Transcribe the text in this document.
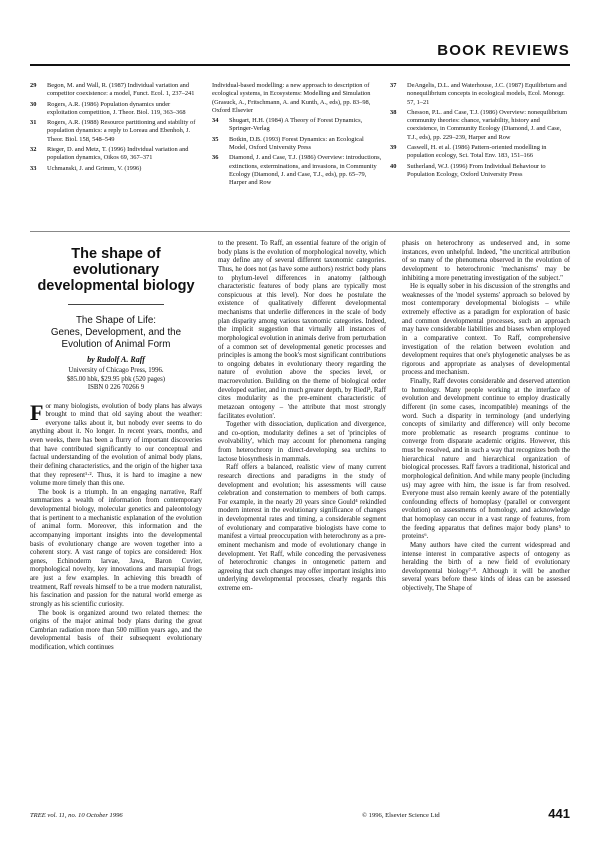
BOOK REVIEWS
29 Begon, M. and Wall, R. (1987) Individual variation and competitor coexistence: a model, Funct. Ecol. 1, 237–241
30 Rogers, A.R. (1986) Population dynamics under exploitation competition, J. Theor. Biol. 119, 363–368
31 Rogers, A.R. (1988) Resource partitioning and stability of population dynamics: a reply to Loreau and Ebenhoh, J. Theor. Biol. 158, 548–549
32 Rieger, D. and Metz, T. (1996) Individual variation and population dynamics, Oikos 69, 367–371
33 Uchmanski, J. and Grimm, V. (1996)
Individual-based modelling: a new approach to description of ecological systems, in Ecosystems: Modelling and Simulation (Grasuck, A., Fritschmann, A. and Kunth, A., eds), pp. 83–98, Oxford Elsevier
34 Shugart, H.H. (1984) A Theory of Forest Dynamics, Springer-Verlag
35 Botkin, D.B. (1993) Forest Dynamics: an Ecological Model, Oxford University Press
36 Diamond, J. and Case, T.J. (1986) Overview: introductions, extinctions, exterminations, and invasions, in Community Ecology (Diamond, J. and Case, T.J., eds), pp. 65–79, Harper and Row
37 DeAngelis, D.L. and Waterhouse, J.C. (1987) Equilibrium and nonequilibrium concepts in ecological models, Ecol. Monogr. 57, 1–21
38 Chesson, P.L. and Case, T.J. (1986) Overview: nonequilibrium community theories: chance, variability, history and coexistence, in Community Ecology (Diamond, J. and Case, T.J., eds), pp. 229–239, Harper and Row
39 Caswell, H. et al. (1986) Pattern-oriented modelling in population ecology, Sci. Total Env. 183, 151–166
40 Sutherland, W.J. (1996) From Individual Behaviour to Population Ecology, Oxford University Press
The shape of
evolutionary
developmental biology
The Shape of Life:
Genes, Development, and the
Evolution of Animal Form
by Rudolf A. Raff
University of Chicago Press, 1996.
$85.00 hbk, $29.95 pbk (520 pages)
ISBN 0 226 70266 9

For many biologists, evolution of body plans has always brought to mind that old saying about the weather: everyone talks about it, but nobody ever seems to do anything about it. No longer. In recent years, months, and even weeks, there has been a flurry of important discoveries that have contributed significantly to our conceptual and factual understanding of the evolution of animal body plans, their defining characteristics, and the origin of the higher taxa that they represent¹·². Thus, it is hard to imagine a new volume more timely than this one.

The book is a triumph. In an engaging narrative, Raff summarizes a wealth of information from contemporary developmental biology, molecular genetics and paleontology that is pertinent to a mechanistic explanation of the evolution of animal form. Moreover, this information and the accompanying important insights into the developmental basis of evolutionary change are woven together into a coherent story. A vast range of topics are considered: Hox genes, Echinoderm larvae, Jawa, Baron Cuvier, morphological novelty, key innovations and marsupial frogs are just a few examples. In achieving this breadth of treatment, Raff reveals himself to be a true modern naturalist, his fascination and passion for the natural world emerge as strongly as his scientific curiosity.

The book is organized around two related themes: the origins of the major animal body plans during the great Cambrian radiation more than 500 million years ago, and the developmental basis of their subsequent evolutionary modification, which continues

to the present. To Raff, an essential feature of the origin of body plans is the evolution of morphological novelty, which may define any of several different taxonomic categories. Thus, he does not (as have some authors) restrict body plans to phylum-level differences in anatomy (although characteristic features of body plans are typically most conspicuous at this level). Nor does he postulate the existence of qualitatively different developmental mechanisms that underlie differences in the scale of body plan disparity among various taxonomic categories. Indeed, the implicit suggestion that virtually all instances of morphological evolution in animals derive from perturbation of a common set of developmental genetic processes and principles is among the book's most significant contributions to ongoing debates in evolutionary theory regarding the nature of evolution above the species level, or macroevolution. Building on the theme of biological order developed earlier, and in much greater depth, by Riedl³, Raff cites modularity as the pre-eminent characteristic of metazoan ontogeny – 'the attribute that most strongly facilitates evolution'.

Together with dissociation, duplication and divergence, and co-option, modularity defines a set of 'principles of evolvability', which may account for phenomena ranging from heterochrony in direct-developing sea urchins to lactose biosynthesis in mammals.

Raff offers a balanced, realistic view of many current research directions and paradigms in the study of development and evolution; his assessments will cause celebration and consternation to members of both camps. For example, in the nearly 20 years since Gould⁴ rekindled modern interest in the evolutionary significance of changes in developmental rates and timing, a considerable segment of evolutionary and comparative biologists have come to manifest a virtual preoccupation with heterochrony as a pre-eminent mechanism and mode of evolutionary change in development. Yet Raff, while conceding the pervasiveness of heterochronic changes in ontogenetic pattern and agreeing that such changes may offer important insights into underlying developmental processes, clearly regards this extreme em-

phasis on heterochrony as undeserved and, in some instances, even unhelpful. Indeed, "the uncritical attribution of so many of the phenomena observed in the evolution of development to heterochronic 'mechanisms' may be inhibiting a more penetrating investigation of the subject."

He is equally sober in his discussion of the strengths and weaknesses of the 'model systems' approach so beloved by most contemporary developmental biologists – while extremely effective as a paradigm for exploration of basic and common developmental processes, such an approach may have considerable liabilities and biases when employed in a comparative context. To Raff, comprehensive investigation of the relation between evolution and development requires that one's phylogenetic analyses be as rigorous and appropriate as analyses of developmental process and mechanism.

Finally, Raff devotes considerable and deserved attention to homology. Many people working at the interface of evolution and development continue to employ drastically different (in some cases, incompatible) meanings of the word. Such a disparity in terminology (and underlying concepts of similarity and difference) will only become more problematic as research programs continue to converge from disparate academic origins. However, this must be resolved, and in such a way that recognizes both the hierarchical nature and hierarchical organization of biological processes. Raff favors a traditional, historical and morphological definition. And while many people (including us) may agree with him, the issue is far from resolved. Everyone must also remain keenly aware of the potentially confounding effects of homoplasy (parallel or convergent evolution) on assessments of homology, and acknowledge that homoplasy can occur in a vast range of features, from the feeding apparatus that defines major body plans⁵ to proteins⁶.

Many authors have cited the current widespread and intense interest in comparative aspects of ontogeny as heralding the birth of a new field of evolutionary developmental biology⁷·⁸. Although it will be another several years before these kinds of ideas can be assessed objectively, The Shape of

TREE vol. 11, no. 10 October 1996	© 1996, Elsevier Science Ltd	441
